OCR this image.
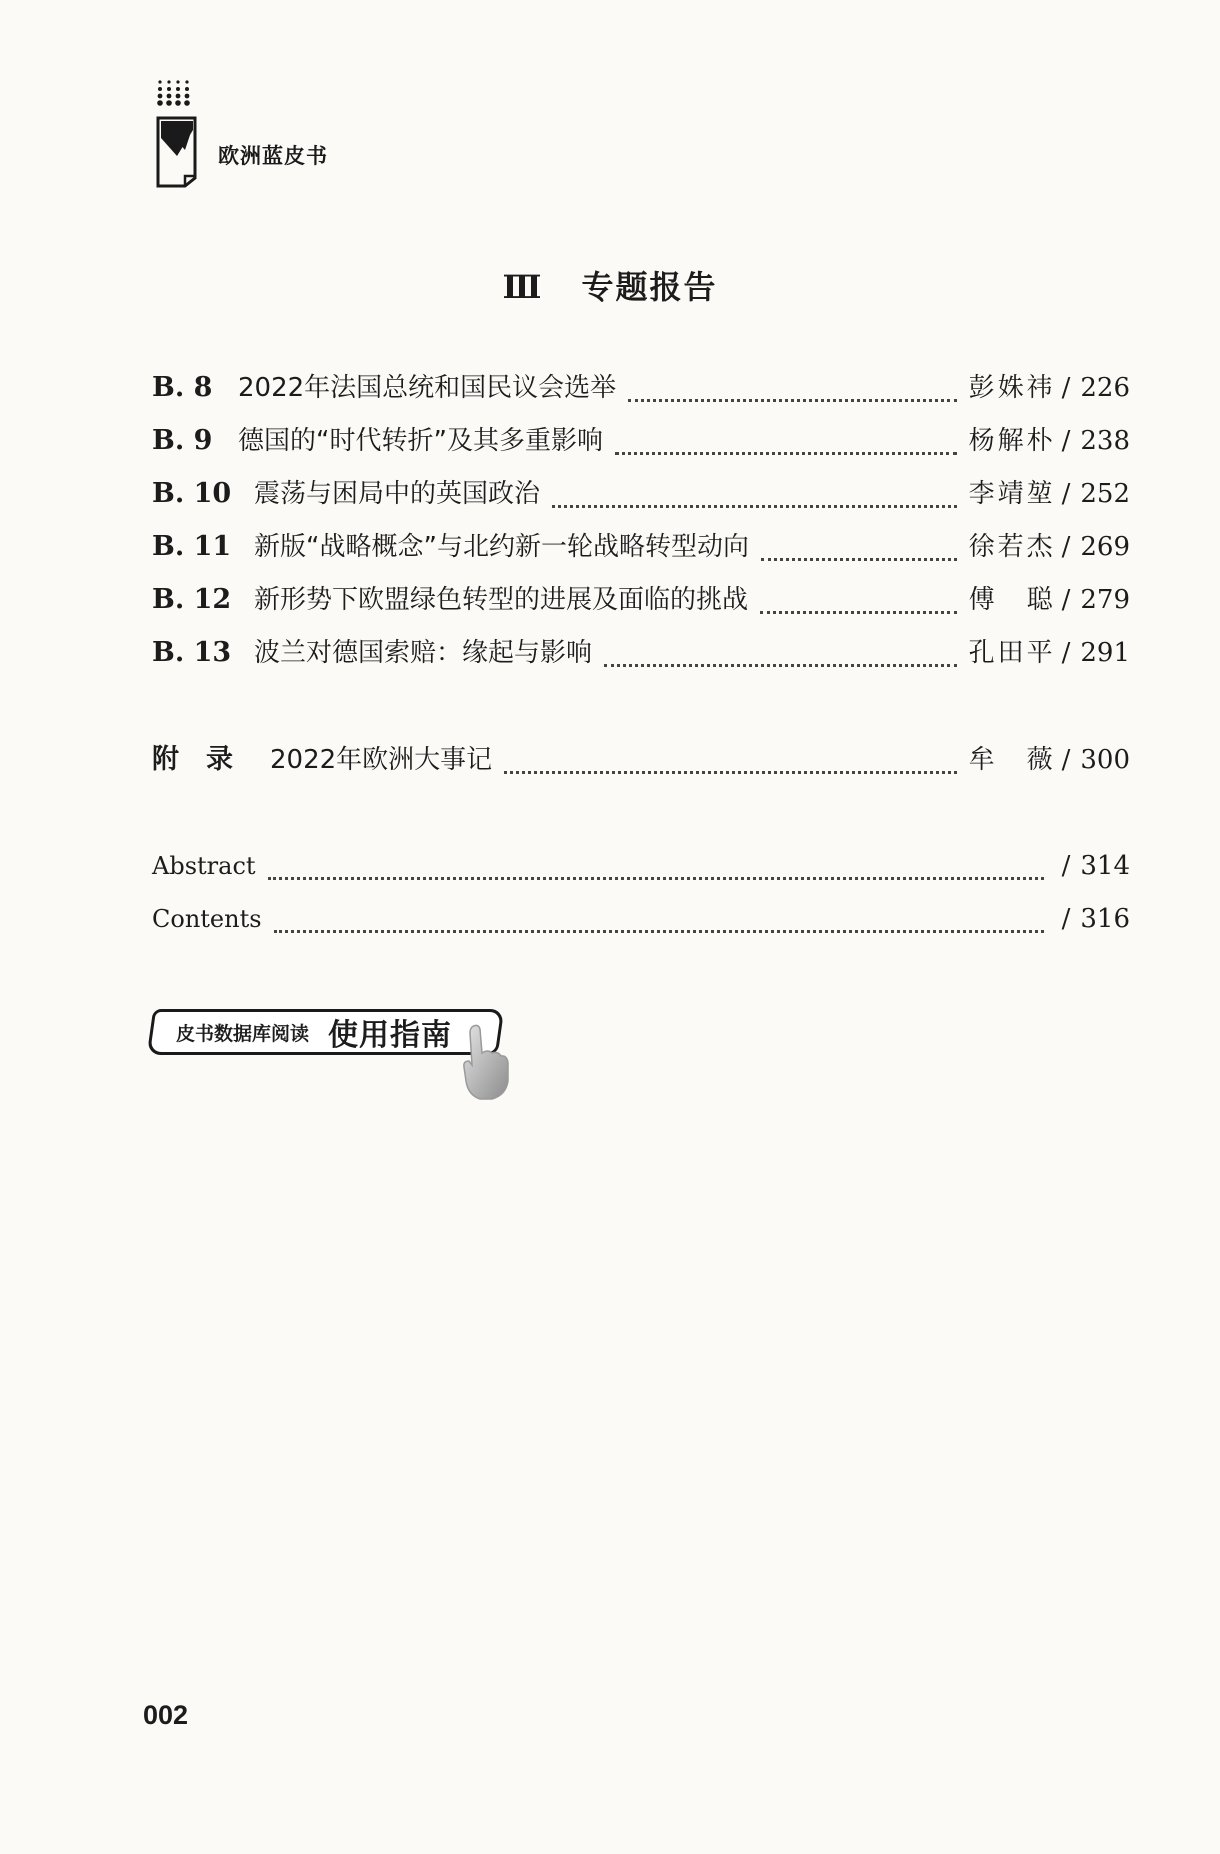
欧洲蓝皮书
Ⅲ 专题报告
B. 8 2022年法国总统和国民议会选举	彭姝祎 / 226
B. 9 德国的“时代转折”及其多重影响	杨解朴 / 238
B. 10 震荡与困局中的英国政治	李靖堃 / 252
B. 11 新版“战略概念”与北约新一轮战略转型动向	徐若杰 / 269
B. 12 新形势下欧盟绿色转型的进展及面临的挑战	傅　聪 / 279
B. 13 波兰对德国索赔：缘起与影响	孔田平 / 291
附　录	2022年欧洲大事记	牟　薇 / 300
Abstract	/ 314
Contents	/ 316
皮书数据库阅读 使用指南
002
